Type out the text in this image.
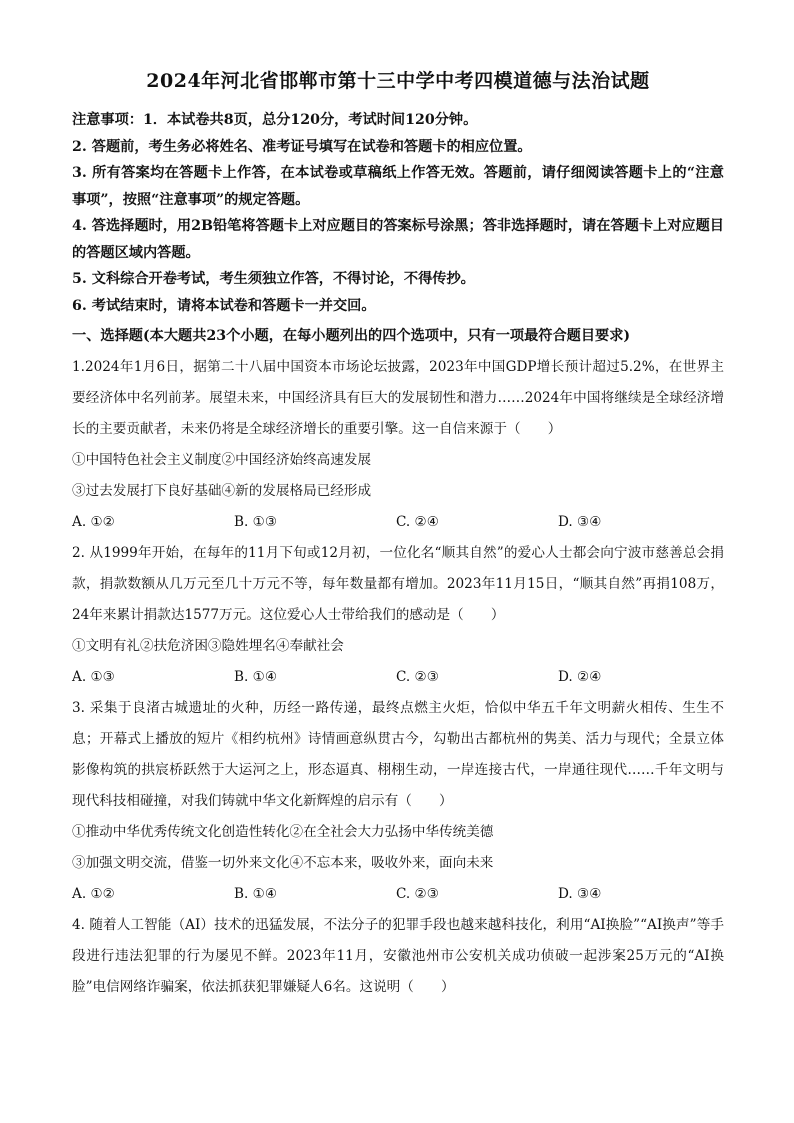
2024年河北省邯郸市第十三中学中考四模道德与法治试题

注意事项：1．本试卷共8页，总分120分，考试时间120分钟。

2. 答题前，考生务必将姓名、准考证号填写在试卷和答题卡的相应位置。

3. 所有答案均在答题卡上作答，在本试卷或草稿纸上作答无效。答题前，请仔细阅读答题卡上的“注意事项”，按照“注意事项”的规定答题。

4. 答选择题时，用2B铅笔将答题卡上对应题目的答案标号涂黑；答非选择题时，请在答题卡上对应题目的答题区域内答题。

5. 文科综合开卷考试，考生须独立作答，不得讨论，不得传抄。

6. 考试结束时，请将本试卷和答题卡一并交回。

一、选择题(本大题共23个小题，在每小题列出的四个选项中，只有一项最符合题目要求)

1.2024年1月6日，据第二十八届中国资本市场论坛披露，2023年中国GDP增长预计超过5.2%，在世界主要经济体中名列前茅。展望未来，中国经济具有巨大的发展韧性和潜力……2024年中国将继续是全球经济增长的主要贡献者，未来仍将是全球经济增长的重要引擎。这一自信来源于（　　）

①中国特色社会主义制度②中国经济始终高速发展

③过去发展打下良好基础④新的发展格局已经形成

A. ①②	B. ①③	C. ②④	D. ③④

2. 从1999年开始，在每年的11月下旬或12月初，一位化名“顺其自然”的爱心人士都会向宁波市慈善总会捐款，捐款数额从几万元至几十万元不等，每年数量都有增加。2023年11月15日，“顺其自然”再捐108万，24年来累计捐款达1577万元。这位爱心人士带给我们的感动是（　　）

①文明有礼②扶危济困③隐姓埋名④奉献社会

A. ①③	B. ①④	C. ②③	D. ②④

3. 采集于良渚古城遗址的火种，历经一路传递，最终点燃主火炬，恰似中华五千年文明薪火相传、生生不息；开幕式上播放的短片《相约杭州》诗情画意纵贯古今，勾勒出古都杭州的隽美、活力与现代；全景立体影像构筑的拱宸桥跃然于大运河之上，形态逼真、栩栩生动，一岸连接古代，一岸通往现代……千年文明与现代科技相碰撞，对我们铸就中华文化新辉煌的启示有（　　）

①推动中华优秀传统文化创造性转化②在全社会大力弘扬中华传统美德

③加强文明交流，借鉴一切外来文化④不忘本来，吸收外来，面向未来

A. ①②	B. ①④	C. ②③	D. ③④

4. 随着人工智能（AI）技术的迅猛发展，不法分子的犯罪手段也越来越科技化，利用“AI换脸”“AI换声”等手段进行违法犯罪的行为屡见不鲜。2023年11月，安徽池州市公安机关成功侦破一起涉案25万元的“AI换脸”电信网络诈骗案，依法抓获犯罪嫌疑人6名。这说明（　　）
